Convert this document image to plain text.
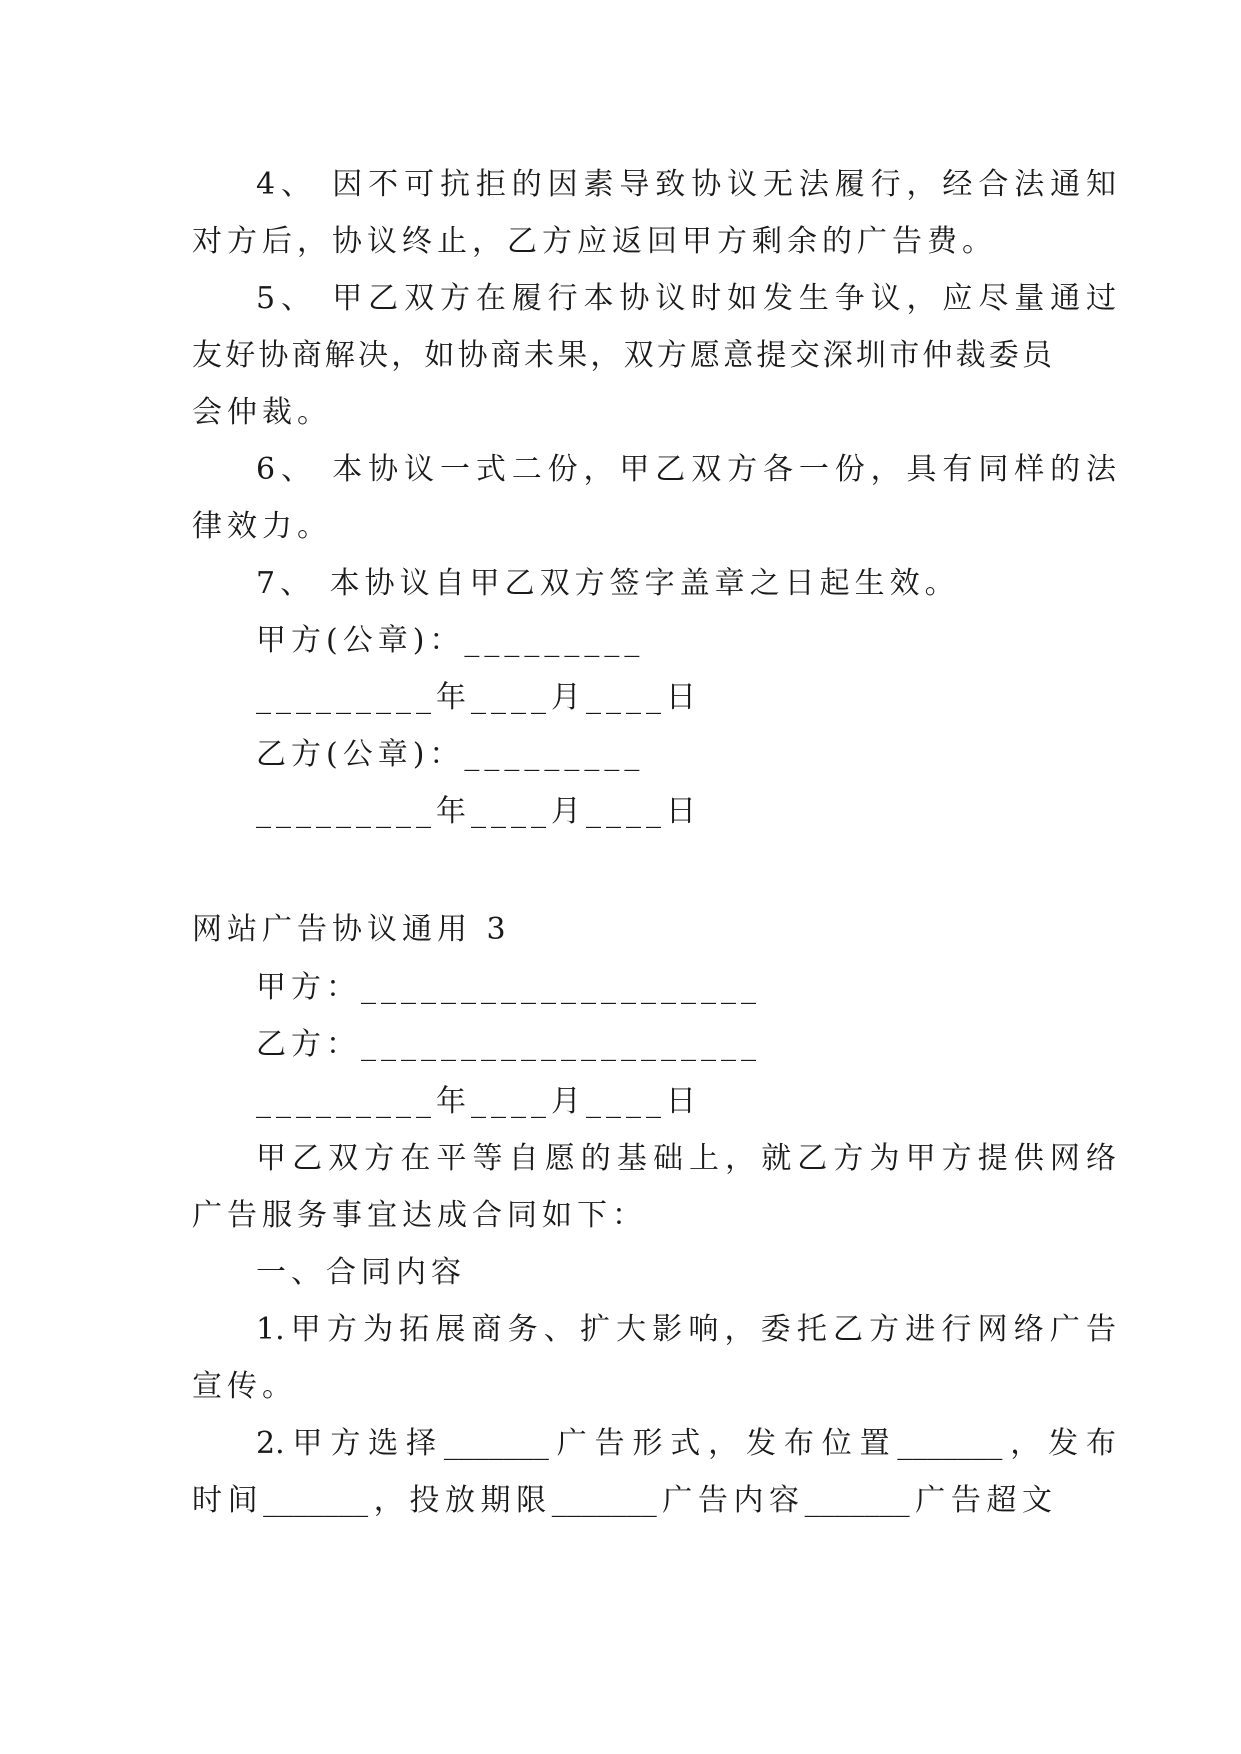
4、 因不可抗拒的因素导致协议无法履行，经合法通知
对方后，协议终止，乙方应返回甲方剩余的广告费。
5、 甲乙双方在履行本协议时如发生争议，应尽量通过
友好协商解决，如协商未果，双方愿意提交深圳市仲裁委员
会仲裁。
6、 本协议一式二份，甲乙双方各一份，具有同样的法
律效力。
7、 本协议自甲乙双方签字盖章之日起生效。
甲方(公章)：_________
_________年____月____日
乙方(公章)：_________
_________年____月____日
网站广告协议通用 3
甲方：____________________
乙方：____________________
_________年____月____日
甲乙双方在平等自愿的基础上，就乙方为甲方提供网络
广告服务事宜达成合同如下：
一、合同内容
1.甲方为拓展商务、扩大影响，委托乙方进行网络广告
宣传。
2.甲方选择_______广告形式，发布位置_______，发布
时间_______，投放期限_______广告内容_______广告超文
